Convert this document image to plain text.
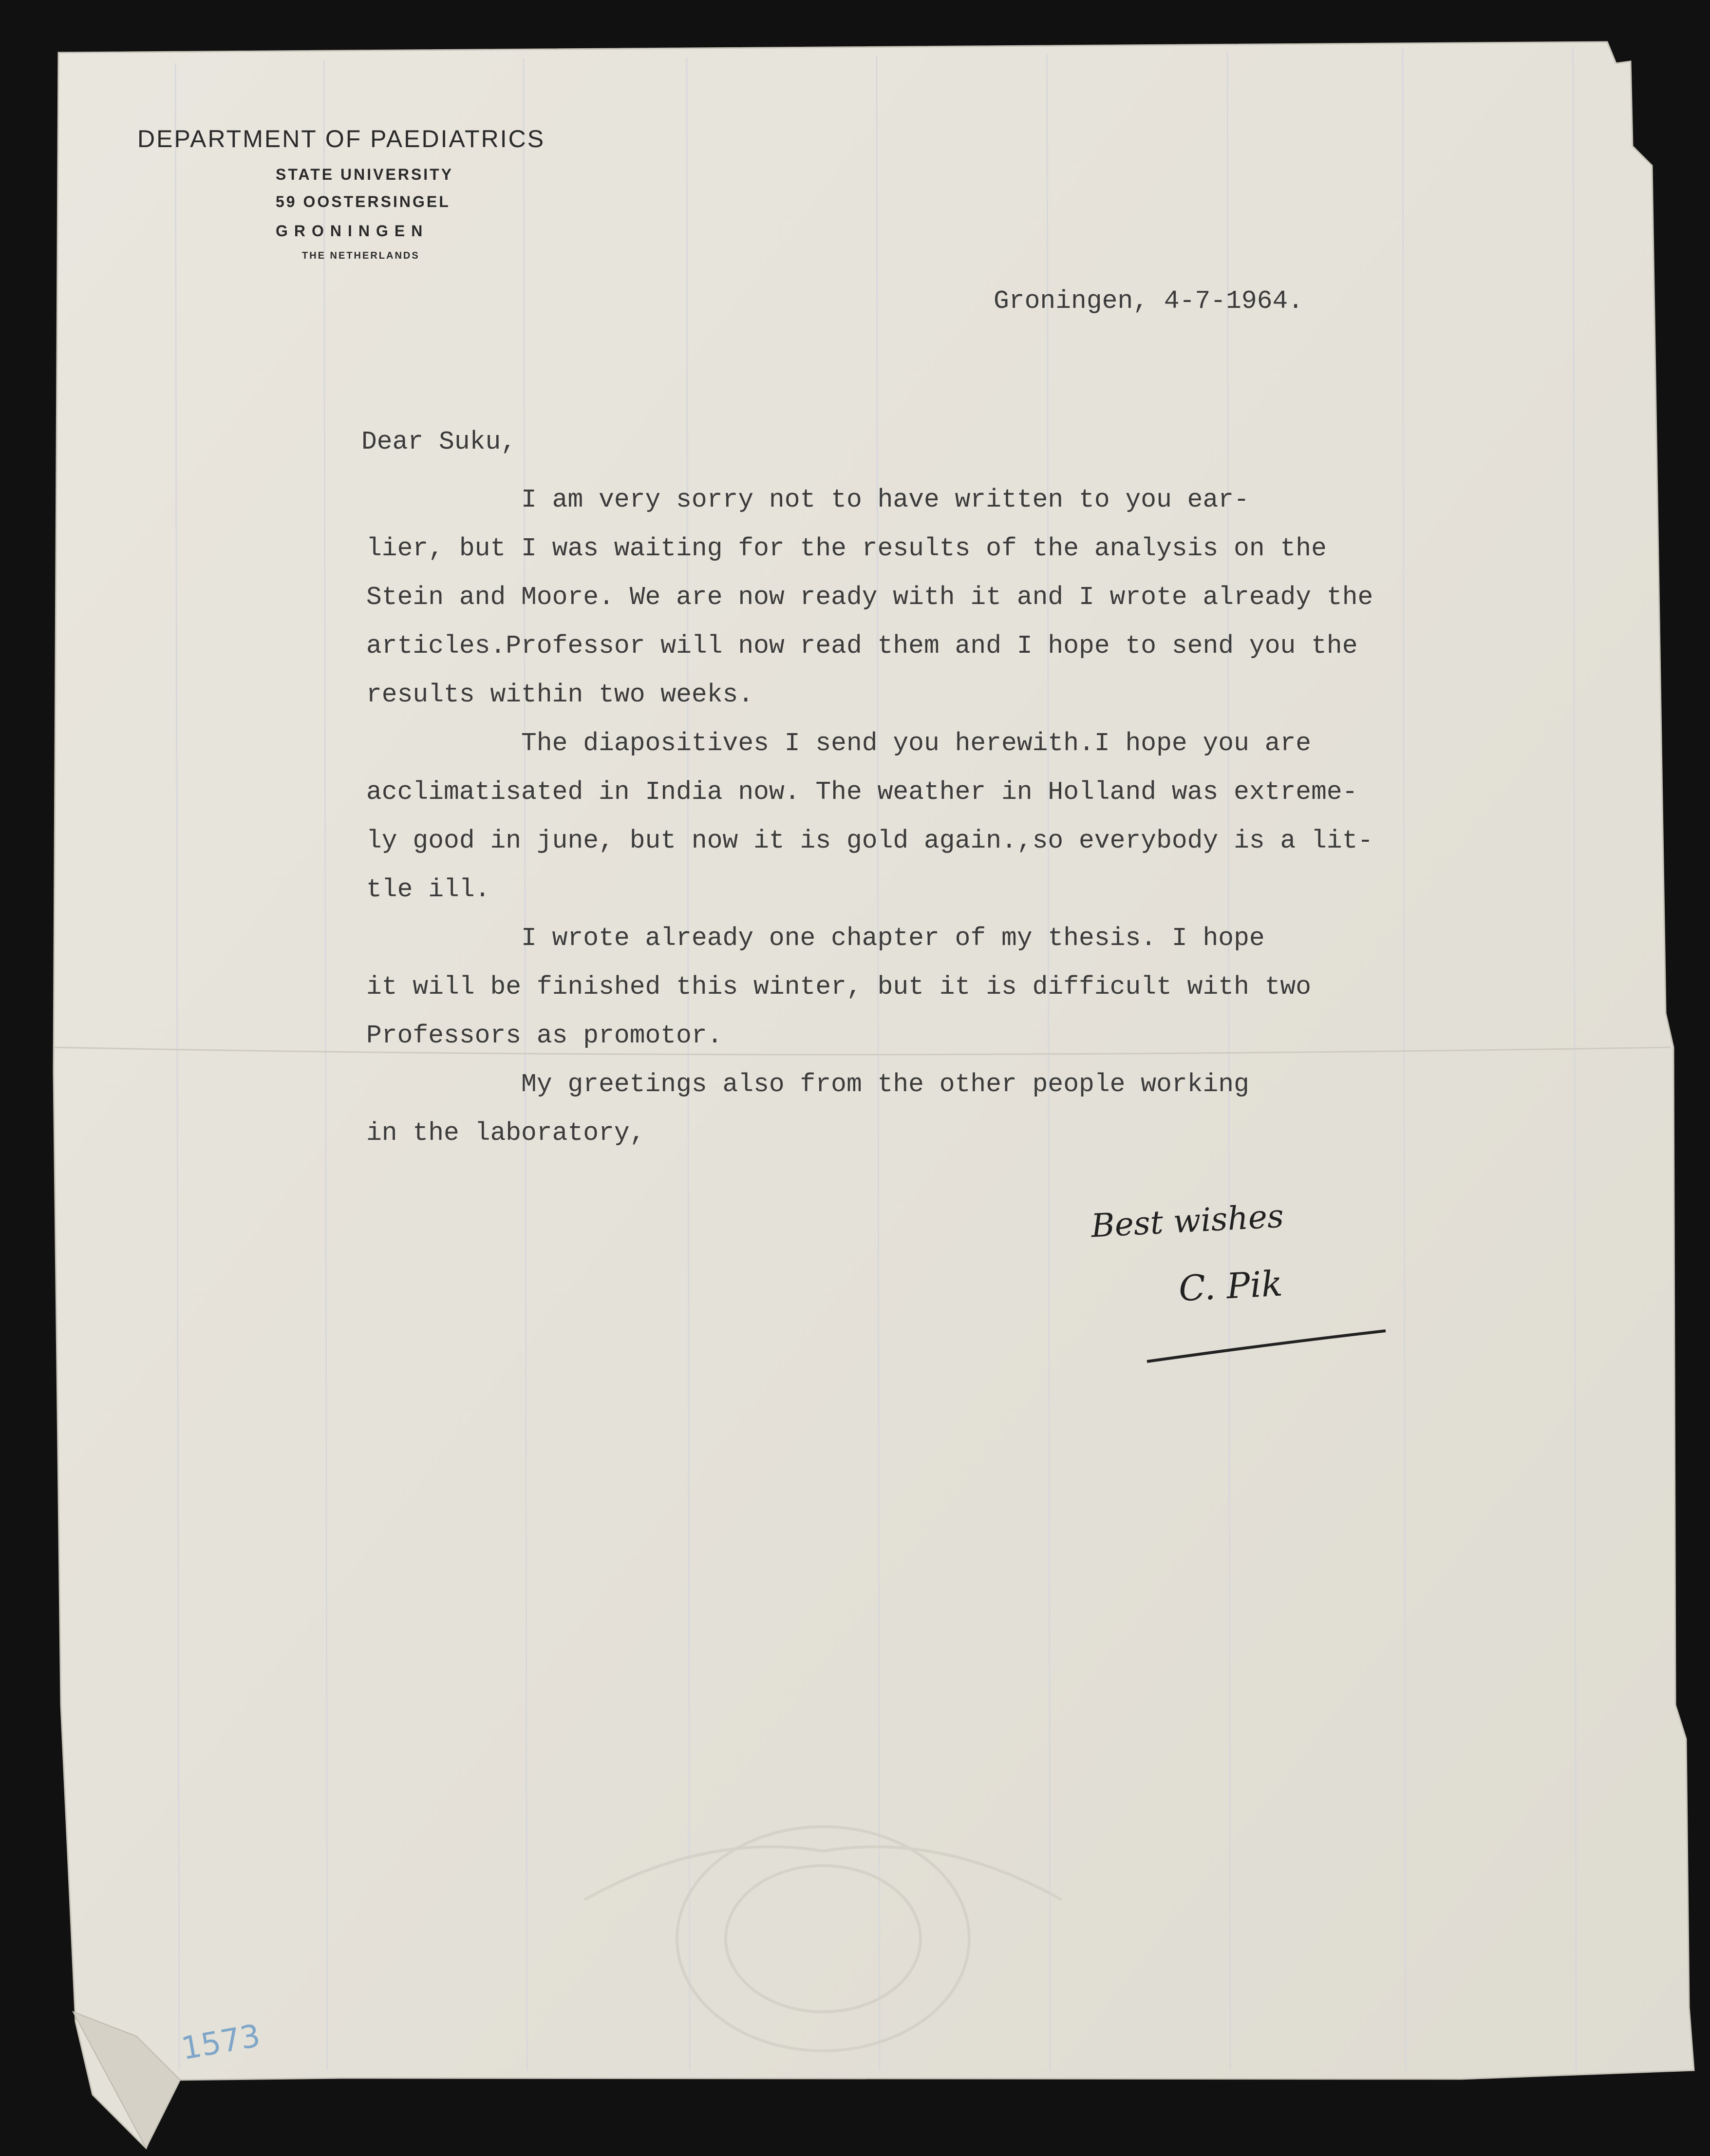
DEPARTMENT OF PAEDIATRICS
STATE UNIVERSITY
59 OOSTERSINGEL
GRONINGEN
THE NETHERLANDS
Groningen, 4-7-1964.
Dear Suku,
I am very sorry not to have written to you ear-
lier, but I was waiting for the results of the analysis on the
Stein and Moore. We are now ready with it and I wrote already the
articles.Professor will now read them and I hope to send you the
results within two weeks.
The diapositives I send you herewith.I hope you are
acclimatisated in India now. The weather in Holland was extreme-
ly good in june, but now it is gold again.,so everybody is a lit-
tle ill.
I wrote already one chapter of my thesis. I hope
it will be finished this winter, but it is difficult with two
Professors as promotor.
My greetings also from the other people working
in the laboratory,
Best wishes
C. Pik
1573
